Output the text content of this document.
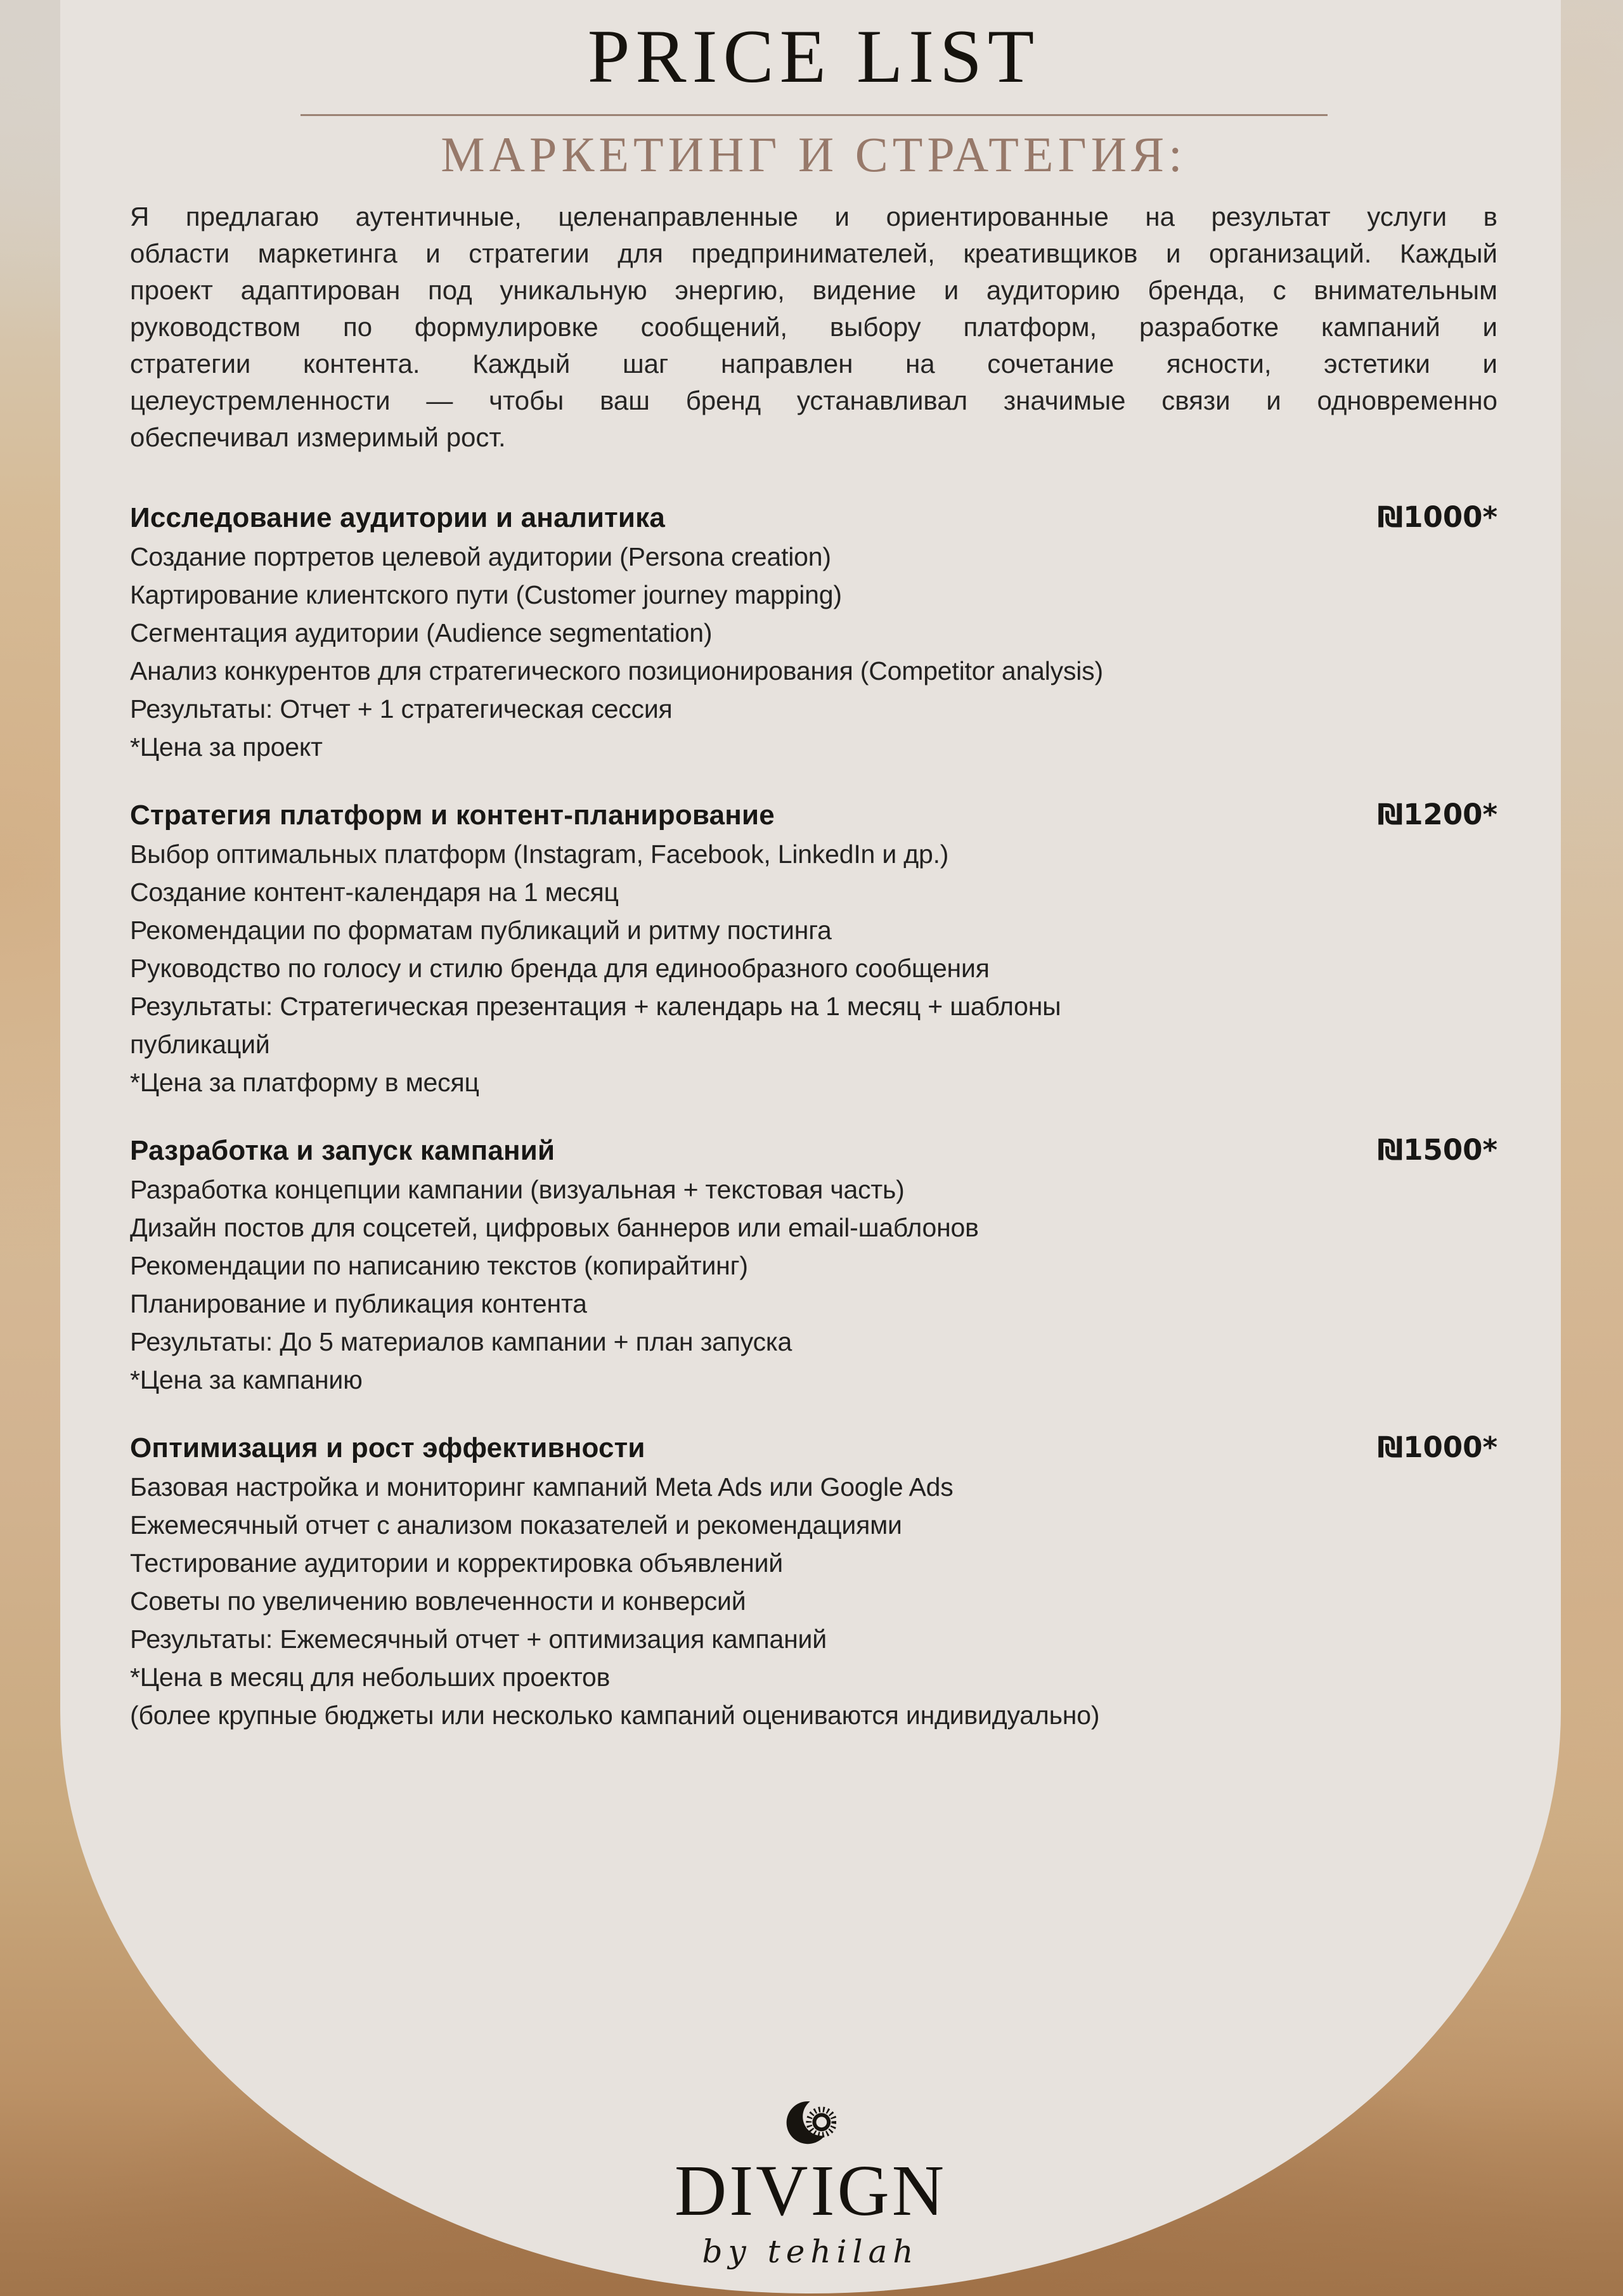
PRICE LIST
МАРКЕТИНГ И СТРАТЕГИЯ:
Я предлагаю аутентичные, целенаправленные и ориентированные на результат услуги в
области маркетинга и стратегии для предпринимателей, креативщиков и организаций. Каждый
проект адаптирован под уникальную энергию, видение и аудиторию бренда, с внимательным
руководством по формулировке сообщений, выбору платформ, разработке кампаний и
стратегии контента. Каждый шаг направлен на сочетание ясности, эстетики и
целеустремленности — чтобы ваш бренд устанавливал значимые связи и одновременно
обеспечивал измеримый рост.
Исследование аудитории и аналитика	₪1000*
Создание портретов целевой аудитории (Persona creation)
Картирование клиентского пути (Customer journey mapping)
Сегментация аудитории (Audience segmentation)
Анализ конкурентов для стратегического позиционирования (Competitor analysis)
Результаты: Отчет + 1 стратегическая сессия
*Цена за проект
Стратегия платформ и контент-планирование	₪1200*
Выбор оптимальных платформ (Instagram, Facebook, LinkedIn и др.)
Создание контент-календаря на 1 месяц
Рекомендации по форматам публикаций и ритму постинга
Руководство по голосу и стилю бренда для единообразного сообщения
Результаты: Стратегическая презентация + календарь на 1 месяц + шаблоны
публикаций
*Цена за платформу в месяц
Разработка и запуск кампаний	₪1500*
Разработка концепции кампании (визуальная + текстовая часть)
Дизайн постов для соцсетей, цифровых баннеров или email-шаблонов
Рекомендации по написанию текстов (копирайтинг)
Планирование и публикация контента
Результаты: До 5 материалов кампании + план запуска
*Цена за кампанию
Оптимизация и рост эффективности	₪1000*
Базовая настройка и мониторинг кампаний Meta Ads или Google Ads
Ежемесячный отчет с анализом показателей и рекомендациями
Тестирование аудитории и корректировка объявлений
Советы по увеличению вовлеченности и конверсий
Результаты: Ежемесячный отчет + оптимизация кампаний
*Цена в месяц для небольших проектов
(более крупные бюджеты или несколько кампаний оцениваются индивидуально)
DIVIGN
by tehilah
